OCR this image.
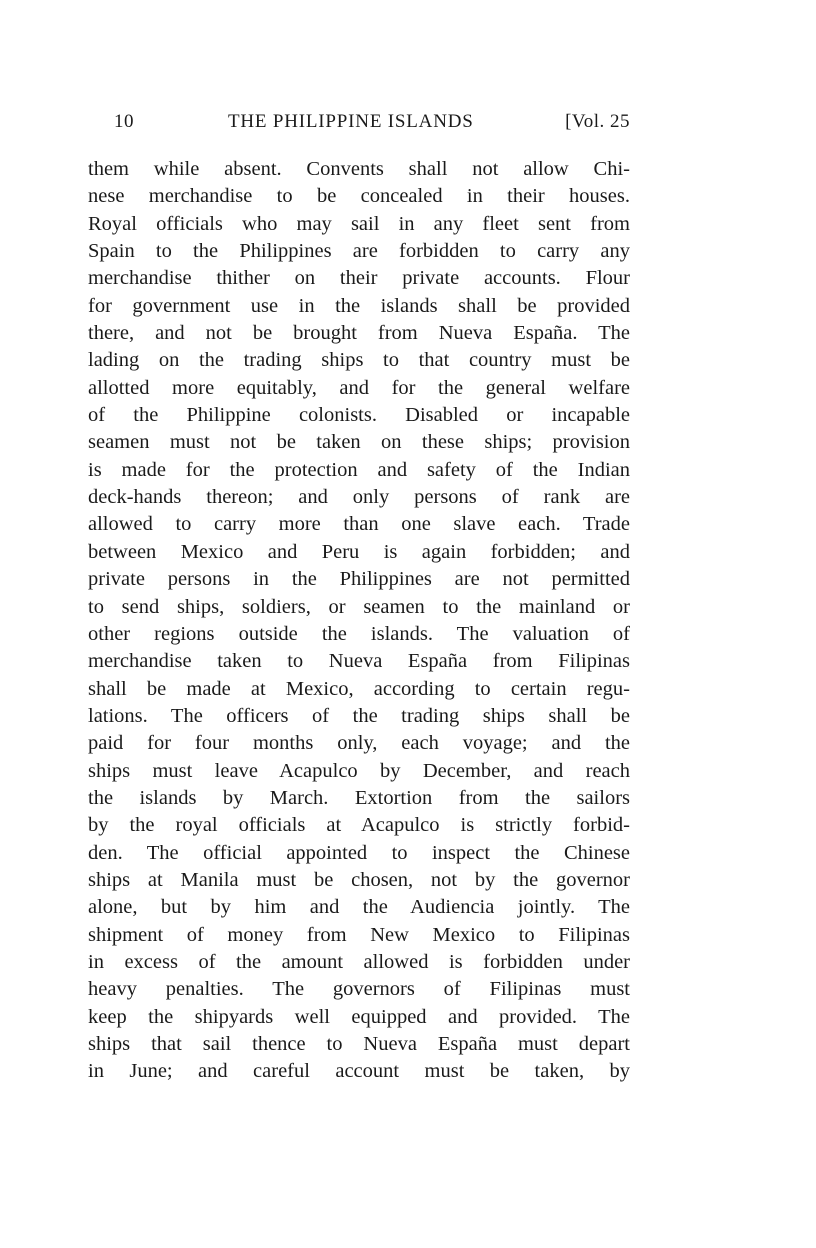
10	THE PHILIPPINE ISLANDS	[Vol. 25
them while absent. Convents shall not allow Chi-
nese merchandise to be concealed in their houses.
Royal officials who may sail in any fleet sent from
Spain to the Philippines are forbidden to carry any
merchandise thither on their private accounts. Flour
for government use in the islands shall be provided
there, and not be brought from Nueva España. The
lading on the trading ships to that country must be
allotted more equitably, and for the general welfare
of the Philippine colonists. Disabled or incapable
seamen must not be taken on these ships; provision
is made for the protection and safety of the Indian
deck-hands thereon; and only persons of rank are
allowed to carry more than one slave each. Trade
between Mexico and Peru is again forbidden; and
private persons in the Philippines are not permitted
to send ships, soldiers, or seamen to the mainland or
other regions outside the islands. The valuation of
merchandise taken to Nueva España from Filipinas
shall be made at Mexico, according to certain regu-
lations. The officers of the trading ships shall be
paid for four months only, each voyage; and the
ships must leave Acapulco by December, and reach
the islands by March. Extortion from the sailors
by the royal officials at Acapulco is strictly forbid-
den. The official appointed to inspect the Chinese
ships at Manila must be chosen, not by the governor
alone, but by him and the Audiencia jointly. The
shipment of money from New Mexico to Filipinas
in excess of the amount allowed is forbidden under
heavy penalties. The governors of Filipinas must
keep the shipyards well equipped and provided. The
ships that sail thence to Nueva España must depart
in June; and careful account must be taken, by
